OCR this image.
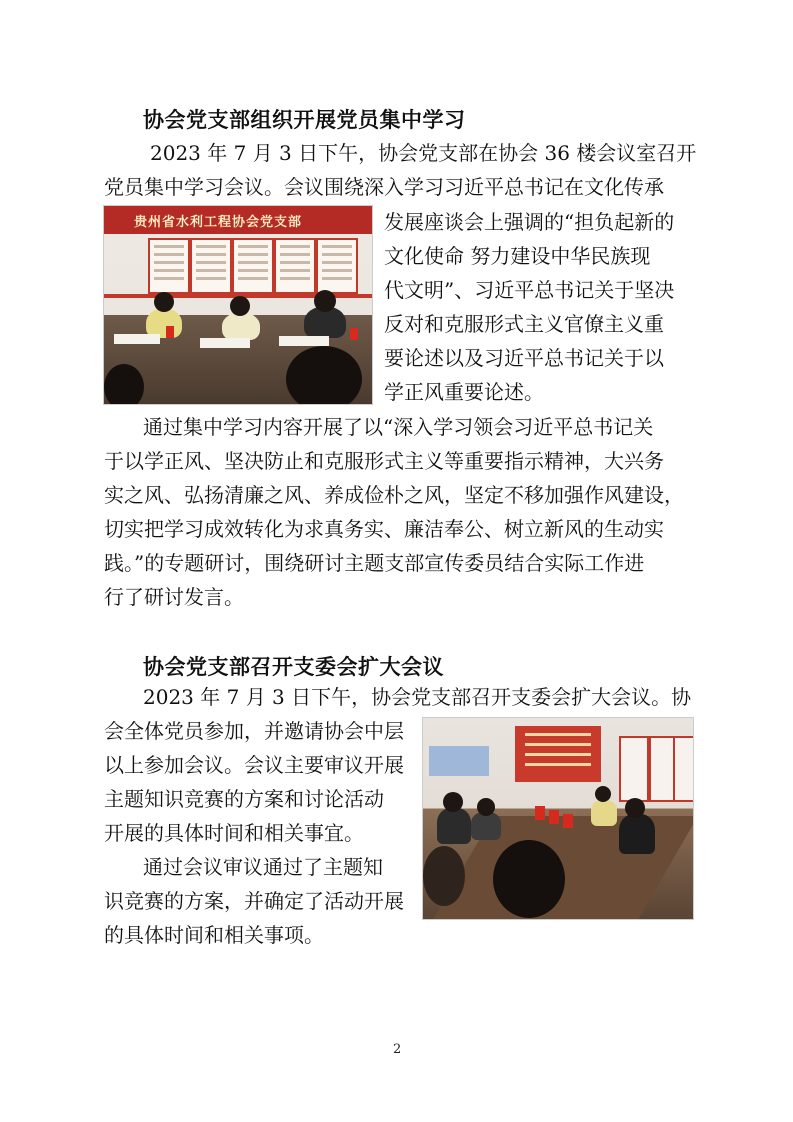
协会党支部组织开展党员集中学习
2023 年 7 月 3 日下午，协会党支部在协会 36 楼会议室召开
党员集中学习会议。会议围绕深入学习习近平总书记在文化传承
贵州省水利工程协会党支部	发展座谈会上强调的“担负起新的
文化使命 努力建设中华民族现
代文明”、习近平总书记关于坚决
反对和克服形式主义官僚主义重
要论述以及习近平总书记关于以
学正风重要论述。
通过集中学习内容开展了以“深入学习领会习近平总书记关
于以学正风、坚决防止和克服形式主义等重要指示精神，大兴务
实之风、弘扬清廉之风、养成俭朴之风，坚定不移加强作风建设，
切实把学习成效转化为求真务实、廉洁奉公、树立新风的生动实
践。”的专题研讨，围绕研讨主题支部宣传委员结合实际工作进
行了研讨发言。
协会党支部召开支委会扩大会议
2023 年 7 月 3 日下午，协会党支部召开支委会扩大会议。协
会全体党员参加，并邀请协会中层
以上参加会议。会议主要审议开展
主题知识竞赛的方案和讨论活动
开展的具体时间和相关事宜。
通过会议审议通过了主题知
识竞赛的方案，并确定了活动开展
的具体时间和相关事项。
2
